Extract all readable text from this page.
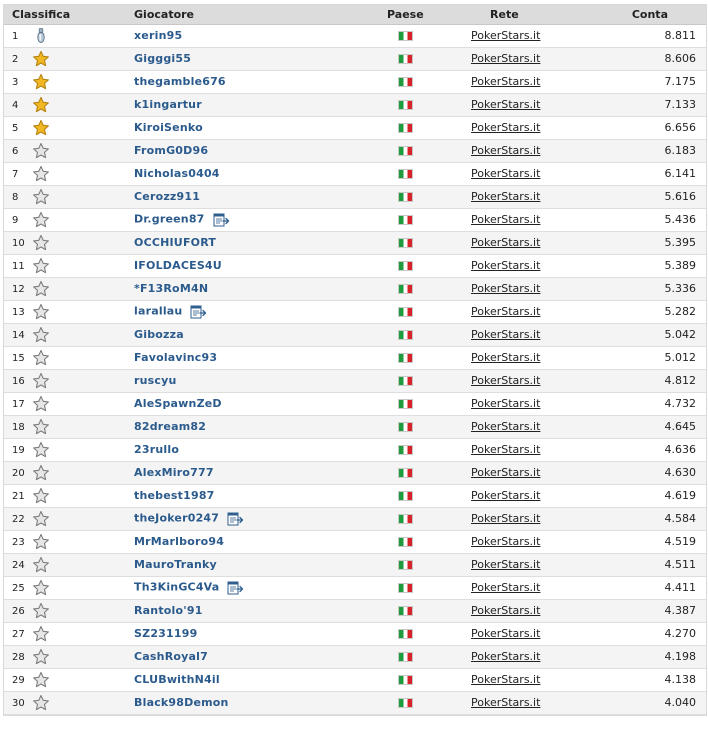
Classifica		Giocatore	Paese	Rete	Conta
1		xerin95		PokerStars.it	8.811

2		Gigggi55		PokerStars.it	8.606

3		thegamble676		PokerStars.it	7.175

4		k1ingartur		PokerStars.it	7.133

5		KiroiSenko		PokerStars.it	6.656

6		FromG0D96		PokerStars.it	6.183

7		Nicholas0404		PokerStars.it	6.141

8		Cerozz911		PokerStars.it	5.616

9		Dr.green87		PokerStars.it	5.436

10		OCCHIUFORT		PokerStars.it	5.395

11		IFOLDACES4U		PokerStars.it	5.389

12		*F13RoM4N		PokerStars.it	5.336

13		larallau		PokerStars.it	5.282

14		Gibozza		PokerStars.it	5.042

15		Favolavinc93		PokerStars.it	5.012

16		ruscyu		PokerStars.it	4.812

17		AleSpawnZeD		PokerStars.it	4.732

18		82dream82		PokerStars.it	4.645

19		23rullo		PokerStars.it	4.636

20		AlexMiro777		PokerStars.it	4.630

21		thebest1987		PokerStars.it	4.619

22		theJoker0247		PokerStars.it	4.584

23		MrMarlboro94		PokerStars.it	4.519

24		MauroTranky		PokerStars.it	4.511

25		Th3KinGC4Va		PokerStars.it	4.411

26		Rantolo'91		PokerStars.it	4.387

27		SZ231199		PokerStars.it	4.270

28		CashRoyal7		PokerStars.it	4.198

29		CLUBwithN4il		PokerStars.it	4.138

30		Black98Demon		PokerStars.it	4.040
